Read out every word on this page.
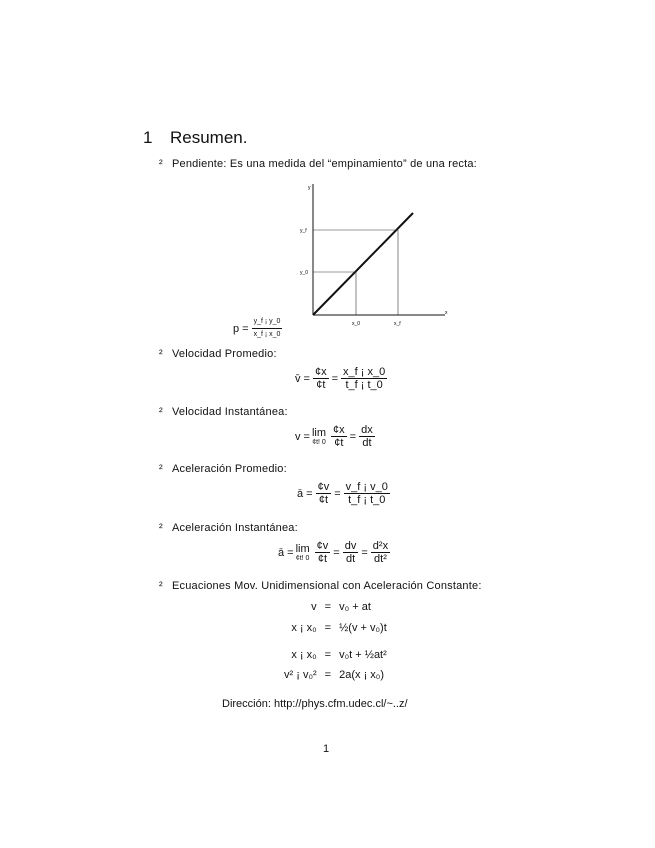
1 Resumen.
² Pendiente: Es una medida del “empinamiento” de una recta:
y
x
y_f
y_0
x_0	x_f
$p = \frac{y\_f ¡ y\_0}{x\_f ¡ x\_0}$
² Velocidad Promedio:
v̄ = $\frac{¢x}{¢t} = \frac{x\_f ¡ x\_0}{t\_f ¡ t\_0}$
² Velocidad Instantánea:
v = lim
¢t! $0 \frac{¢x}{¢t} = \frac{dx}{dt}$
² Aceleración Promedio:
ā = $\frac{¢v}{¢t} = \frac{v\_f ¡ v\_0}{t\_f ¡ t\_0}$
² Aceleración Instantánea:
ā = lim
¢t! $0 \frac{¢v}{¢t} = \frac{dv}{dt} = \frac{\text{d²x}}{\text{dt²}}$
² Ecuaciones Mov. Unidimensional con Aceleración Constante:
v	=	v₀ + at
x ¡ x₀	=	½(v + v₀)t
x ¡ x₀	=	v₀t + ½at²
v² ¡ v₀²	=	2a(x ¡ x₀)
Dirección: http://phys.cfm.udec.cl/~..z/
1
